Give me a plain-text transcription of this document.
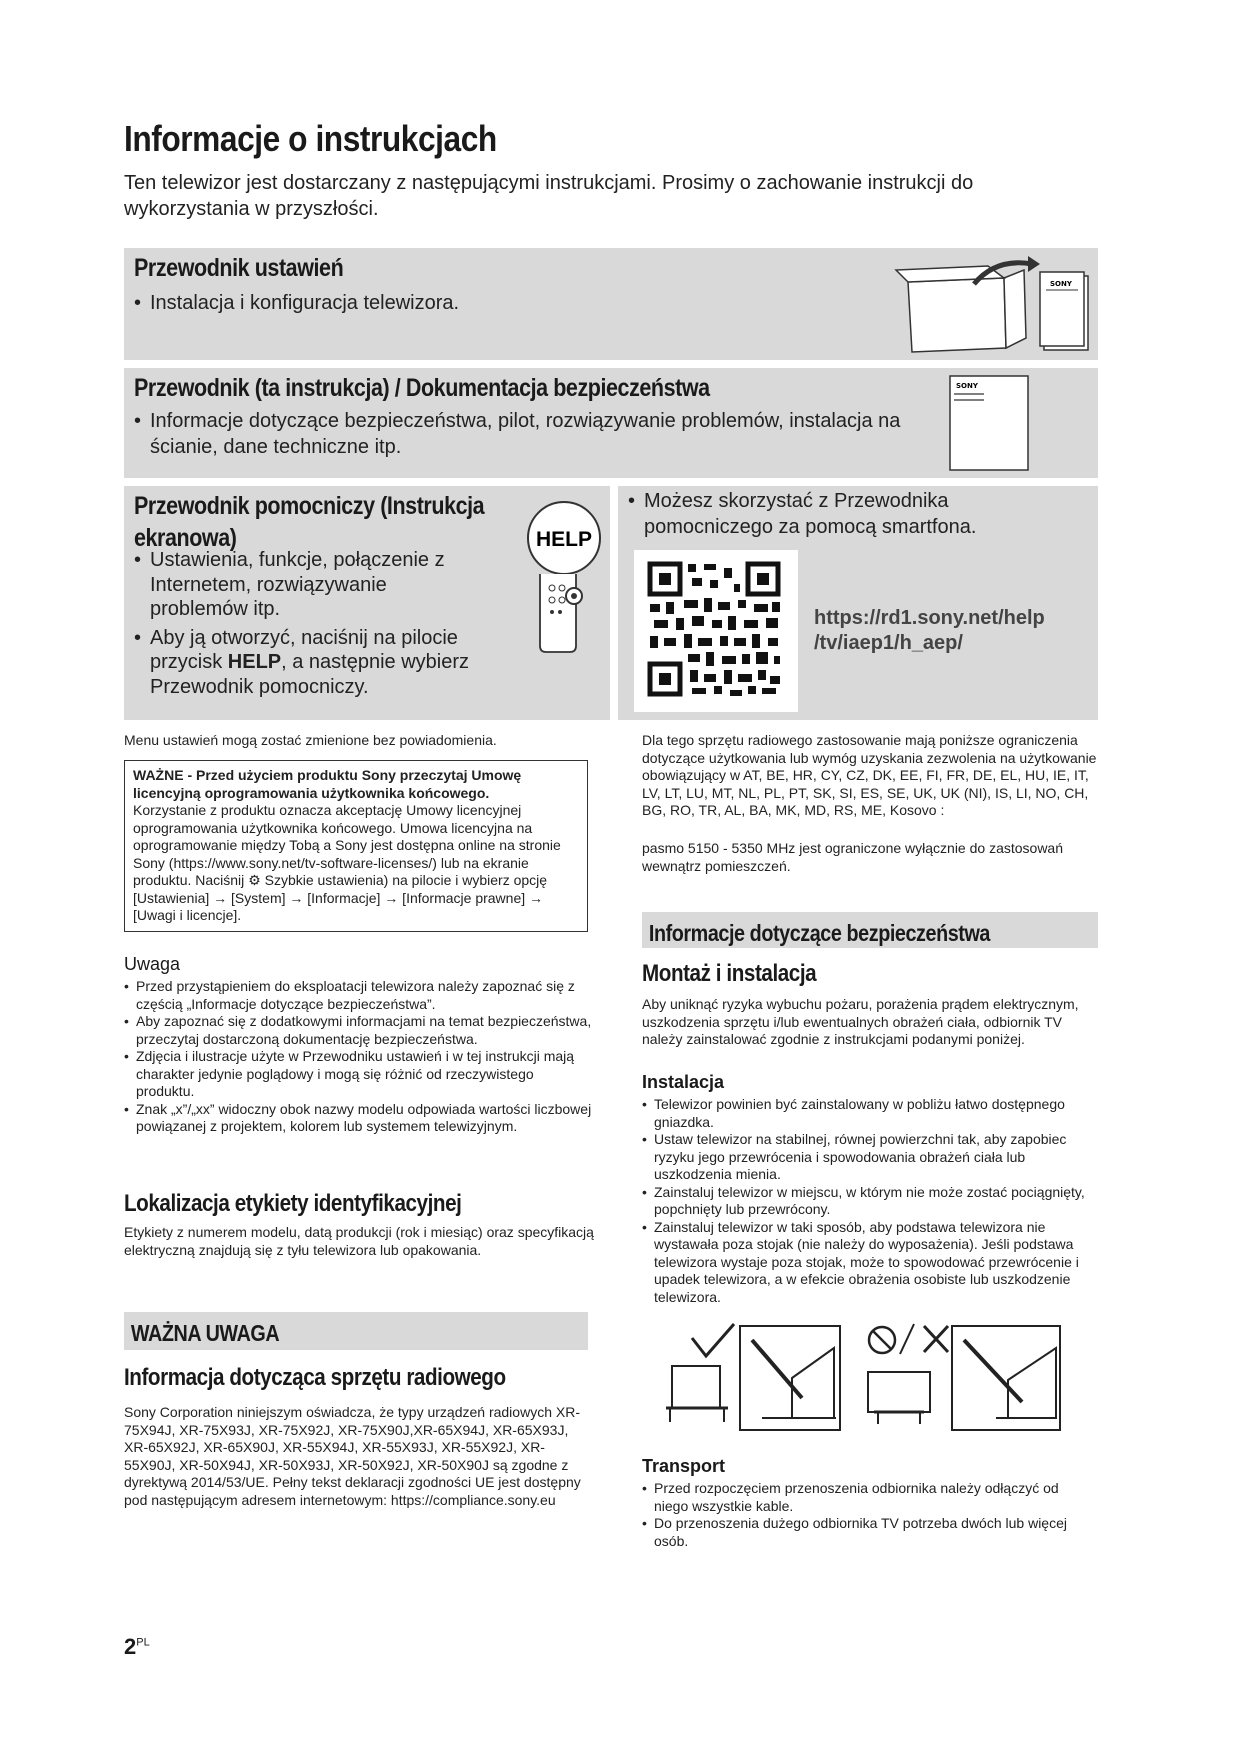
Informacje o instrukcjach
Ten telewizor jest dostarczany z następującymi instrukcjami. Prosimy o zachowanie instrukcji do wykorzystania w przyszłości.
Przewodnik ustawień
• Instalacja i konfiguracja telewizora.
SONY
Przewodnik (ta instrukcja) / Dokumentacja bezpieczeństwa
• Informacje dotyczące bezpieczeństwa, pilot, rozwiązywanie problemów, instalacja na ścianie, dane techniczne itp.
SONY
Przewodnik pomocniczy (Instrukcja
ekranowa)
• Ustawienia, funkcje, połączenie z Internetem, rozwiązywanie problemów itp.
• Aby ją otworzyć, naciśnij na pilocie przycisk HELP, a następnie wybierz Przewodnik pomocniczy.
HELP
• Możesz skorzystać z Przewodnika pomocniczego za pomocą smartfona.
https://rd1.sony.net/help
/tv/iaep1/h_aep/
Menu ustawień mogą zostać zmienione bez powiadomienia.
WAŻNE - Przed użyciem produktu Sony przeczytaj Umowę licencyjną oprogramowania użytkownika końcowego.
Korzystanie z produktu oznacza akceptację Umowy licencyjnej oprogramowania użytkownika końcowego. Umowa licencyjna na oprogramowanie między Tobą a Sony jest dostępna online na stronie Sony (https://www.sony.net/tv-software-licenses/) lub na ekranie produktu. Naciśnij ⚙ Szybkie ustawienia) na pilocie i wybierz opcję [Ustawienia] → [System] → [Informacje] → [Informacje prawne] → [Uwagi i licencje].
Uwaga
• Przed przystąpieniem do eksploatacji telewizora należy zapoznać się z częścią „Informacje dotyczące bezpieczeństwa”.
• Aby zapoznać się z dodatkowymi informacjami na temat bezpieczeństwa, przeczytaj dostarczoną dokumentację bezpieczeństwa.
• Zdjęcia i ilustracje użyte w Przewodniku ustawień i w tej instrukcji mają charakter jedynie poglądowy i mogą się różnić od rzeczywistego produktu.
• Znak „x”/„xx” widoczny obok nazwy modelu odpowiada wartości liczbowej powiązanej z projektem, kolorem lub systemem telewizyjnym.
Lokalizacja etykiety identyfikacyjnej
Etykiety z numerem modelu, datą produkcji (rok i miesiąc) oraz specyfikacją elektryczną znajdują się z tyłu telewizora lub opakowania.
WAŻNA UWAGA
Informacja dotycząca sprzętu radiowego
Sony Corporation niniejszym oświadcza, że typy urządzeń radiowych XR-75X94J, XR-75X93J, XR-75X92J, XR-75X90J,XR-65X94J, XR-65X93J, XR-65X92J, XR-65X90J, XR-55X94J, XR-55X93J, XR-55X92J, XR-55X90J, XR-50X94J, XR-50X93J, XR-50X92J, XR-50X90J są zgodne z dyrektywą 2014/53/UE. Pełny tekst deklaracji zgodności UE jest dostępny pod następującym adresem internetowym: https://compliance.sony.eu
Dla tego sprzętu radiowego zastosowanie mają poniższe ograniczenia dotyczące użytkowania lub wymóg uzyskania zezwolenia na użytkowanie obowiązujący w AT, BE, HR, CY, CZ, DK, EE, FI, FR, DE, EL, HU, IE, IT, LV, LT, LU, MT, NL, PL, PT, SK, SI, ES, SE, UK, UK (NI), IS, LI, NO, CH, BG, RO, TR, AL, BA, MK, MD, RS, ME, Kosovo :
pasmo 5150 - 5350 MHz jest ograniczone wyłącznie do zastosowań wewnątrz pomieszczeń.
Informacje dotyczące bezpieczeństwa
Montaż i instalacja
Aby uniknąć ryzyka wybuchu pożaru, porażenia prądem elektrycznym, uszkodzenia sprzętu i/lub ewentualnych obrażeń ciała, odbiornik TV należy zainstalować zgodnie z instrukcjami podanymi poniżej.
Instalacja
• Telewizor powinien być zainstalowany w pobliżu łatwo dostępnego gniazdka.
• Ustaw telewizor na stabilnej, równej powierzchni tak, aby zapobiec ryzyku jego przewrócenia i spowodowania obrażeń ciała lub uszkodzenia mienia.
• Zainstaluj telewizor w miejscu, w którym nie może zostać pociągnięty, popchnięty lub przewrócony.
• Zainstaluj telewizor w taki sposób, aby podstawa telewizora nie wystawała poza stojak (nie należy do wyposażenia). Jeśli podstawa telewizora wystaje poza stojak, może to spowodować przewrócenie i upadek telewizora, a w efekcie obrażenia osobiste lub uszkodzenie telewizora.
Transport
• Przed rozpoczęciem przenoszenia odbiornika należy odłączyć od niego wszystkie kable.
• Do przenoszenia dużego odbiornika TV potrzeba dwóch lub więcej osób.
$2^{PL}$
